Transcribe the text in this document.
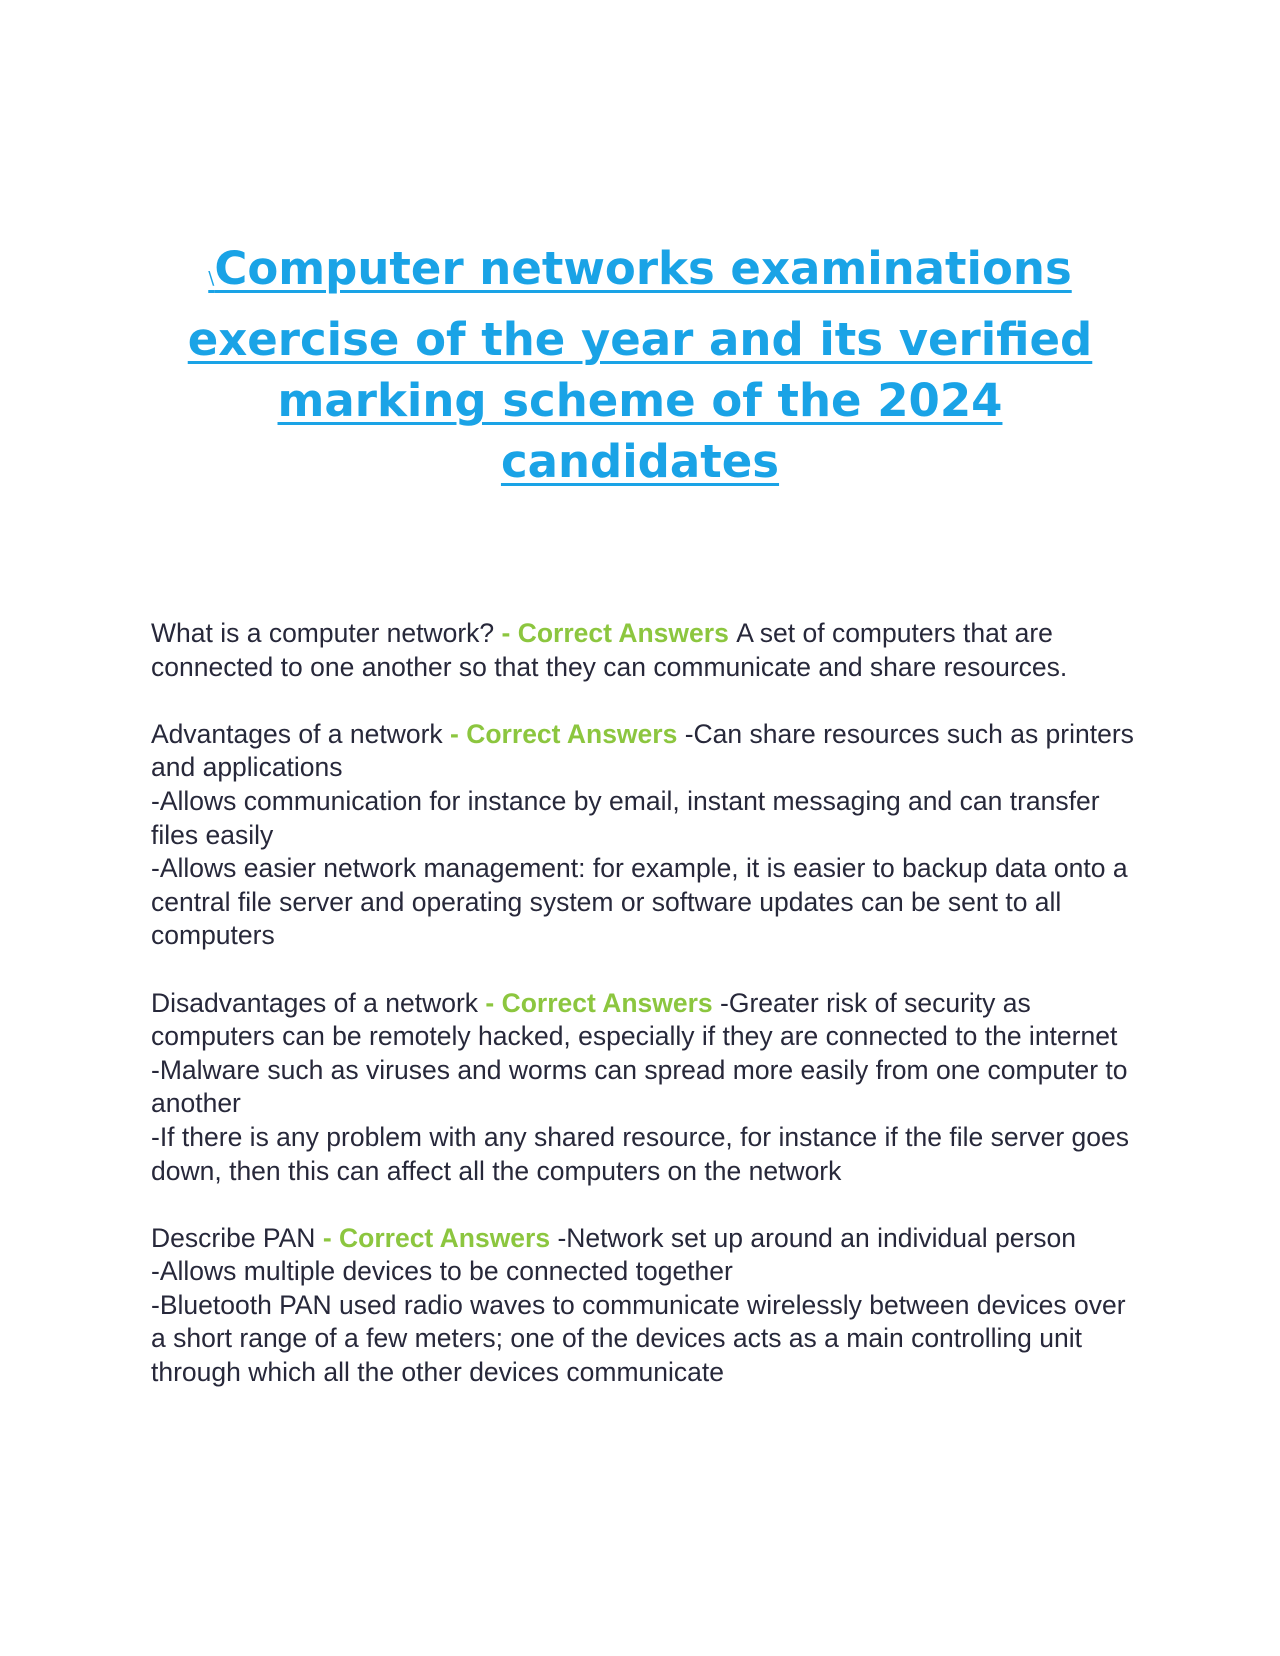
\Computer networks examinations exercise of the year and its verified marking scheme of the 2024 candidates

What is a computer network? - Correct Answers A set of computers that are connected to one another so that they can communicate and share resources.

Advantages of a network - Correct Answers -Can share resources such as printers and applications
-Allows communication for instance by email, instant messaging and can transfer files easily
-Allows easier network management: for example, it is easier to backup data onto a central file server and operating system or software updates can be sent to all computers

Disadvantages of a network - Correct Answers -Greater risk of security as computers can be remotely hacked, especially if they are connected to the internet
-Malware such as viruses and worms can spread more easily from one computer to another
-If there is any problem with any shared resource, for instance if the file server goes down, then this can affect all the computers on the network

Describe PAN - Correct Answers -Network set up around an individual person
-Allows multiple devices to be connected together
-Bluetooth PAN used radio waves to communicate wirelessly between devices over a short range of a few meters; one of the devices acts as a main controlling unit through which all the other devices communicate
